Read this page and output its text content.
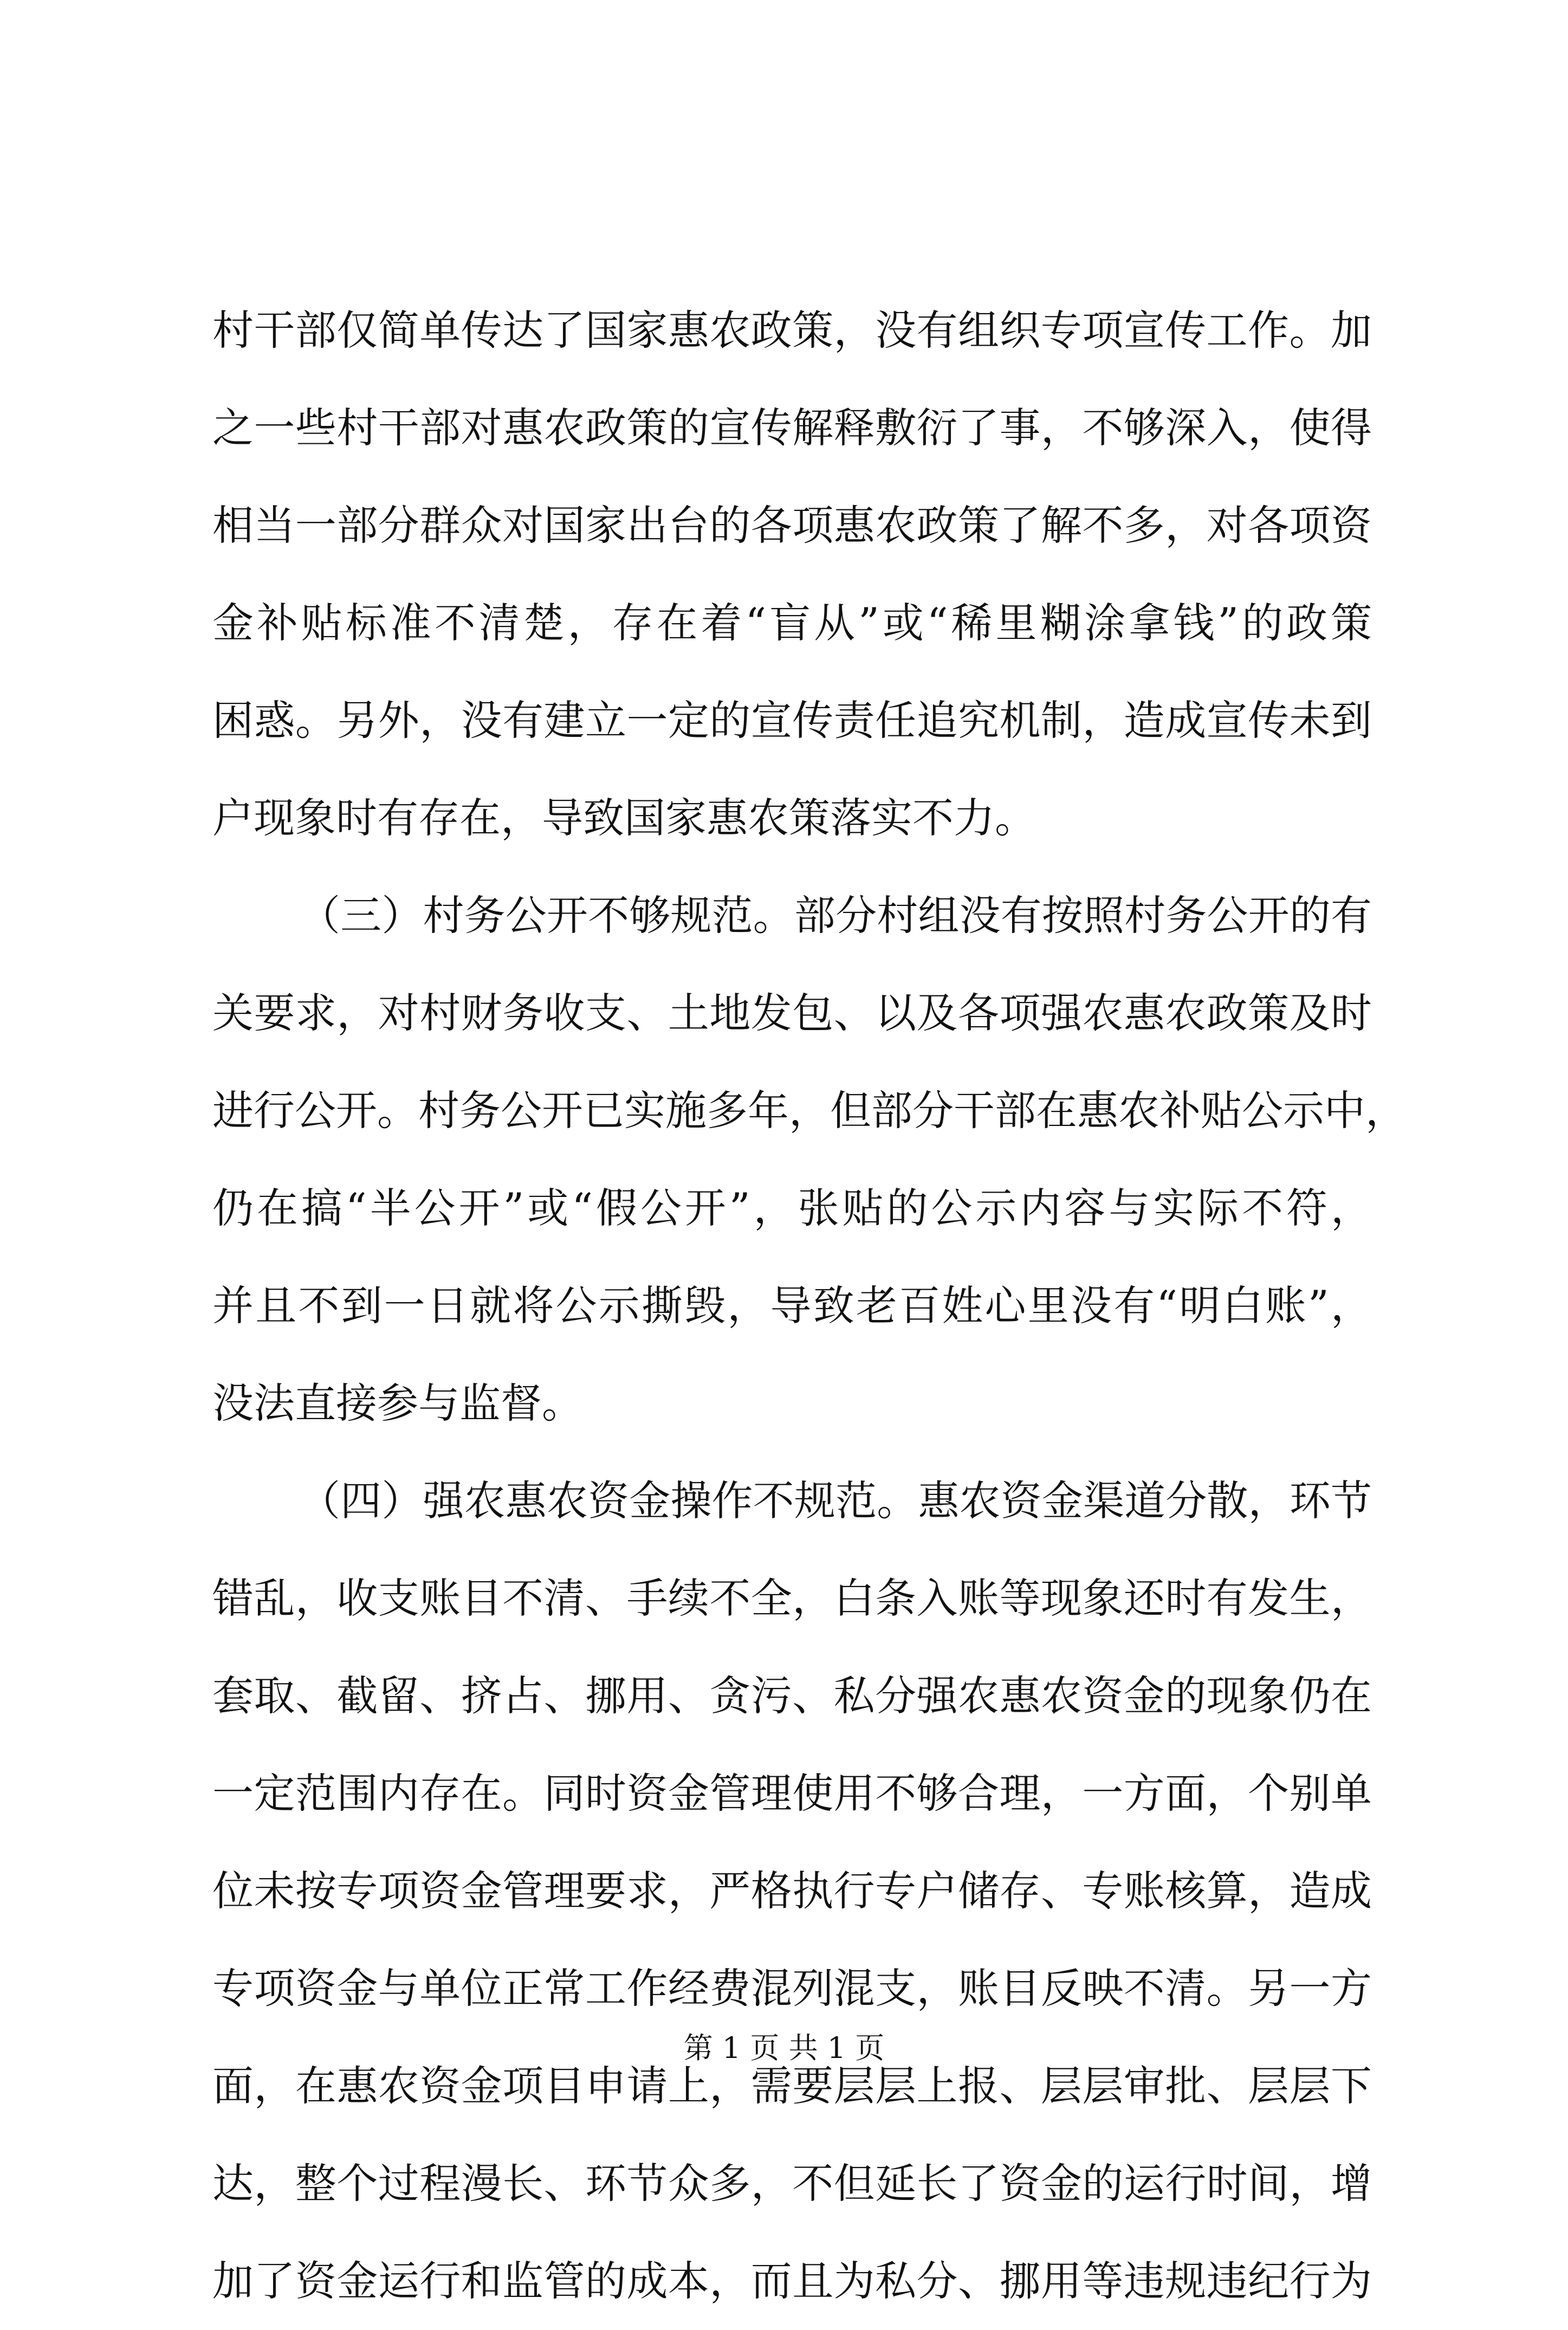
村干部仅简单传达了国家惠农政策，没有组织专项宣传工作。加
之一些村干部对惠农政策的宣传解释敷衍了事，不够深入，使得
相当一部分群众对国家出台的各项惠农政策了解不多，对各项资
金补贴标准不清楚，存在着“盲从”或“稀里糊涂拿钱”的政策
困惑。另外，没有建立一定的宣传责任追究机制，造成宣传未到
户现象时有存在，导致国家惠农策落实不力。
（三）村务公开不够规范。部分村组没有按照村务公开的有
关要求，对村财务收支、土地发包、以及各项强农惠农政策及时
进行公开。村务公开已实施多年，但部分干部在惠农补贴公示中，
仍在搞“半公开”或“假公开”，张贴的公示内容与实际不符，
并且不到一日就将公示撕毁，导致老百姓心里没有“明白账”，
没法直接参与监督。
（四）强农惠农资金操作不规范。惠农资金渠道分散，环节
错乱，收支账目不清、手续不全，白条入账等现象还时有发生，
套取、截留、挤占、挪用、贪污、私分强农惠农资金的现象仍在
一定范围内存在。同时资金管理使用不够合理，一方面，个别单
位未按专项资金管理要求，严格执行专户储存、专账核算，造成
专项资金与单位正常工作经费混列混支，账目反映不清。另一方
面，在惠农资金项目申请上，需要层层上报、层层审批、层层下
达，整个过程漫长、环节众多，不但延长了资金的运行时间，增
加了资金运行和监管的成本，而且为私分、挪用等违规违纪行为
第 1 页 共 1 页
